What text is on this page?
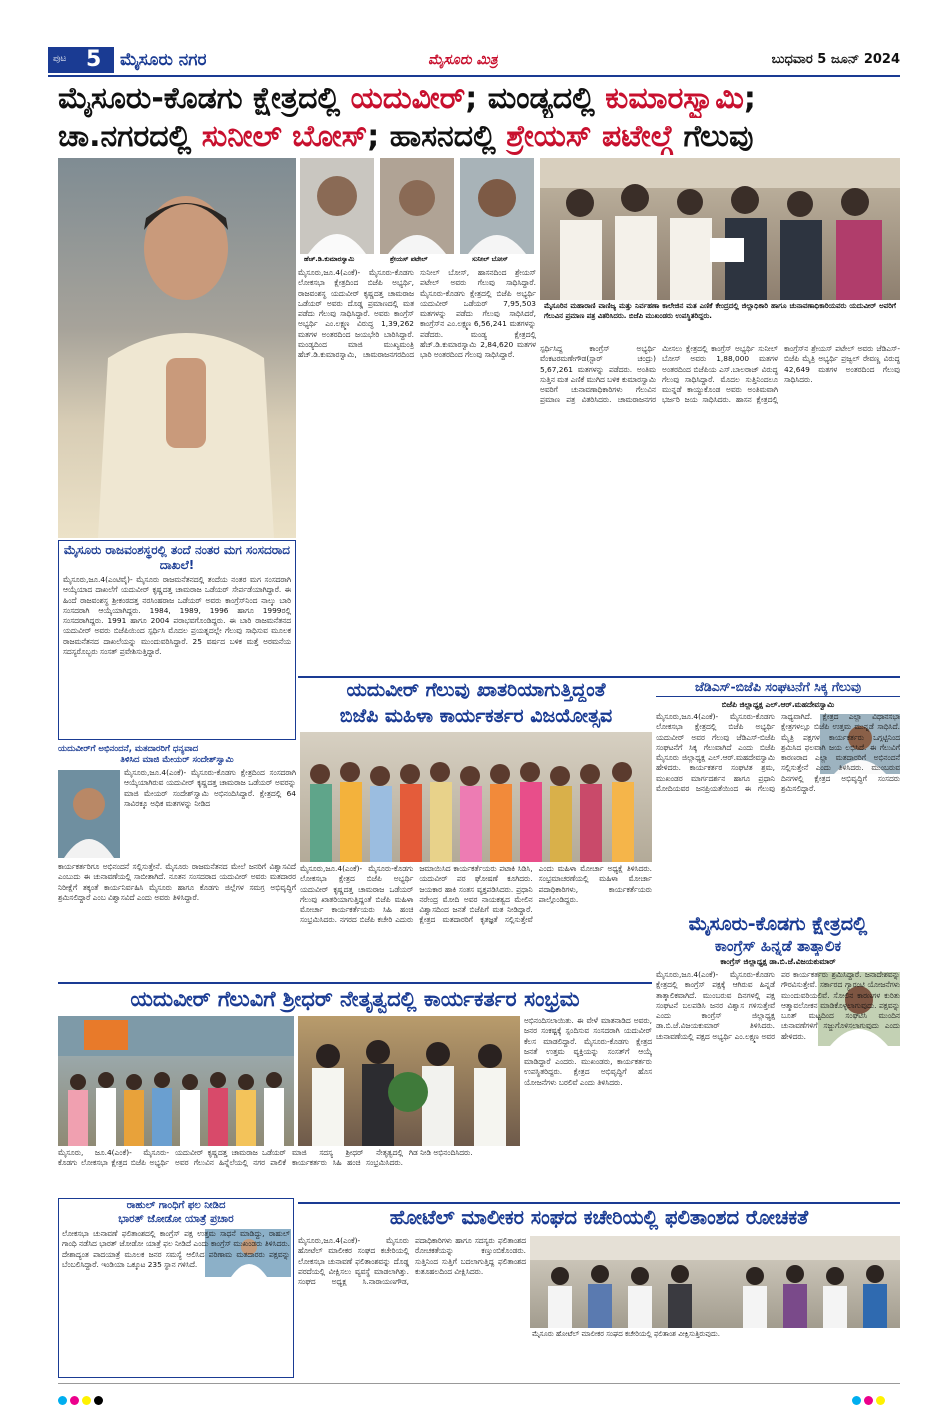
ಪುಟ 5 ಮೈಸೂರು ನಗರ	ಮೈಸೂರು ಮಿತ್ರ	ಬುಧವಾರ 5 ಜೂನ್ 2024
ಮೈಸೂರು-ಕೊಡಗು ಕ್ಷೇತ್ರದಲ್ಲಿ ಯದುವೀರ್; ಮಂಡ್ಯದಲ್ಲಿ ಕುಮಾರಸ್ವಾಮಿ;
ಚಾ.ನಗರದಲ್ಲಿ ಸುನೀಲ್ ಬೋಸ್; ಹಾಸನದಲ್ಲಿ ಶ್ರೇಯಸ್ ಪಟೇಲ್ಗೆ ಗೆಲುವು
ಮೈಸೂರು ರಾಜವಂಶಸ್ಥರಲ್ಲಿ ತಂದೆ ನಂತರ ಮಗ ಸಂಸದರಾದ ದಾಖಲೆ!
ಮೈಸೂರು,ಜೂ.4(ಎಂಟಿವೈ)- ಮೈಸೂರು ರಾಜಮನೆತನದಲ್ಲಿ ತಂದೆಯ ನಂತರ ಮಗ ಸಂಸದರಾಗಿ ಆಯ್ಕೆಯಾದ ದಾಖಲೆಗೆ ಯದುವೀರ್ ಕೃಷ್ಣದತ್ತ ಚಾಮರಾಜ ಒಡೆಯರ್ ಸೇರ್ಪಡೆಯಾಗಿದ್ದಾರೆ. ಈ ಹಿಂದೆ ರಾಜವಂಶಸ್ಥ ಶ್ರೀಕಂಠದತ್ತ ನರಸಿಂಹರಾಜ ಒಡೆಯರ್ ಅವರು ಕಾಂಗ್ರೆಸ್‌ನಿಂದ ನಾಲ್ಕು ಬಾರಿ ಸಂಸದರಾಗಿ ಆಯ್ಕೆಯಾಗಿದ್ದರು. 1984, 1989, 1996 ಹಾಗೂ 1999ರಲ್ಲಿ ಸಂಸದರಾಗಿದ್ದರು. 1991 ಹಾಗೂ 2004 ಪರಾಭವಗೊಂಡಿದ್ದರು. ಈ ಬಾರಿ ರಾಜಮನೆತನದ ಯದುವೀರ್ ಅವರು ಬಿಜೆಪಿಯಿಂದ ಸ್ಪರ್ಧಿಸಿ ಮೊದಲ ಪ್ರಯತ್ನದಲ್ಲೇ ಗೆಲುವು ಸಾಧಿಸುವ ಮೂಲಕ ರಾಜಮನೆತನದ ದಾಖಲೆಯನ್ನು ಮುಂದುವರಿಸಿದ್ದಾರೆ. 25 ವರ್ಷದ ಬಳಿಕ ಮತ್ತೆ ಅರಮನೆಯ ಸದಸ್ಯರೊಬ್ಬರು ಸಂಸತ್ ಪ್ರವೇಶಿಸುತ್ತಿದ್ದಾರೆ.
ಯದುವೀರ್‌ಗೆ ಅಭಿನಂದನೆ, ಮತದಾರರಿಗೆ ಧನ್ಯವಾದ
ತಿಳಿಸಿದ ಮಾಜಿ ಮೇಯರ್ ಸಂದೇಶ್‌ಸ್ವಾಮಿ
ಮೈಸೂರು,ಜೂ.4(ಎಂಕೆ)- ಮೈಸೂರು-ಕೊಡಗು ಕ್ಷೇತ್ರದಿಂದ ಸಂಸದರಾಗಿ ಆಯ್ಕೆಯಾಗಿರುವ ಯದುವೀರ್ ಕೃಷ್ಣದತ್ತ ಚಾಮರಾಜ ಒಡೆಯರ್ ಅವರನ್ನು ಮಾಜಿ ಮೇಯರ್ ಸಂದೇಶ್‌ಸ್ವಾಮಿ ಅಭಿನಂದಿಸಿದ್ದಾರೆ. ಕ್ಷೇತ್ರದಲ್ಲಿ 64 ಸಾವಿರಕ್ಕೂ ಅಧಿಕ ಮತಗಳನ್ನು ನೀಡಿದ
ಕಾರ್ಯಕರ್ತರಿಗೂ ಅಭಿನಂದನೆ ಸಲ್ಲಿಸುತ್ತೇನೆ. ಮೈಸೂರು ರಾಜಮನೆತನದ ಮೇಲೆ ಜನರಿಗೆ ವಿಶ್ವಾಸವಿದೆ ಎಂಬುದು ಈ ಚುನಾವಣೆಯಲ್ಲಿ ಸಾಬೀತಾಗಿದೆ. ನೂತನ ಸಂಸದರಾದ ಯದುವೀರ್ ಅವರು ಮತದಾರರ ನಿರೀಕ್ಷೆಗೆ ತಕ್ಕಂತೆ ಕಾರ್ಯನಿರ್ವಹಿಸಿ ಮೈಸೂರು ಹಾಗೂ ಕೊಡಗು ಜಿಲ್ಲೆಗಳ ಸಮಗ್ರ ಅಭಿವೃದ್ಧಿಗೆ ಶ್ರಮಿಸಲಿದ್ದಾರೆ ಎಂಬ ವಿಶ್ವಾಸವಿದೆ ಎಂದು ಅವರು ತಿಳಿಸಿದ್ದಾರೆ.
ಹೆಚ್.ಡಿ.ಕುಮಾರಸ್ವಾಮಿ	ಶ್ರೇಯಸ್ ಪಟೇಲ್	ಸುನೀಲ್ ಬೋಸ್
ಮೈಸೂರು,ಜೂ.4(ಎಂಕೆ)- ಮೈಸೂರು-ಕೊಡಗು ಲೋಕಸಭಾ ಕ್ಷೇತ್ರದಿಂದ ಬಿಜೆಪಿ ಅಭ್ಯರ್ಥಿ, ರಾಜವಂಶಸ್ಥ ಯದುವೀರ್ ಕೃಷ್ಣದತ್ತ ಚಾಮರಾಜ ಒಡೆಯರ್ ಅವರು ದೊಡ್ಡ ಪ್ರಮಾಣದಲ್ಲಿ ಮತ ಪಡೆದು ಗೆಲುವು ಸಾಧಿಸಿದ್ದಾರೆ. ಅವರು ಕಾಂಗ್ರೆಸ್ ಅಭ್ಯರ್ಥಿ ಎಂ.ಲಕ್ಷ್ಮಣ ವಿರುದ್ಧ 1,39,262 ಮತಗಳ ಅಂತರದಿಂದ ಜಯಭೇರಿ ಬಾರಿಸಿದ್ದಾರೆ. ಮಂಡ್ಯದಿಂದ ಮಾಜಿ ಮುಖ್ಯಮಂತ್ರಿ ಹೆಚ್.ಡಿ.ಕುಮಾರಸ್ವಾಮಿ, ಚಾಮರಾಜನಗರದಿಂದ ಸುನೀಲ್ ಬೋಸ್, ಹಾಸನದಿಂದ ಶ್ರೇಯಸ್ ಪಟೇಲ್ ಅವರು ಗೆಲುವು ಸಾಧಿಸಿದ್ದಾರೆ. ಮೈಸೂರು-ಕೊಡಗು ಕ್ಷೇತ್ರದಲ್ಲಿ ಬಿಜೆಪಿ ಅಭ್ಯರ್ಥಿ ಯದುವೀರ್ ಒಡೆಯರ್ 7,95,503 ಮತಗಳನ್ನು ಪಡೆದು ಗೆಲುವು ಸಾಧಿಸಿದರೆ, ಕಾಂಗ್ರೆಸ್‌ನ ಎಂ.ಲಕ್ಷ್ಮಣ 6,56,241 ಮತಗಳನ್ನು ಪಡೆದರು. ಮಂಡ್ಯ ಕ್ಷೇತ್ರದಲ್ಲಿ ಹೆಚ್.ಡಿ.ಕುಮಾರಸ್ವಾಮಿ 2,84,620 ಮತಗಳ ಭಾರಿ ಅಂತರದಿಂದ ಗೆಲುವು ಸಾಧಿಸಿದ್ದಾರೆ.
ಮೈಸೂರಿನ ಮಹಾರಾಣಿ ವಾಣಿಜ್ಯ ಮತ್ತು ನಿರ್ವಹಣಾ ಕಾಲೇಜಿನ ಮತ ಎಣಿಕೆ ಕೇಂದ್ರದಲ್ಲಿ ಜಿಲ್ಲಾಧಿಕಾರಿ ಹಾಗೂ ಚುನಾವಣಾಧಿಕಾರಿಯವರು ಯದುವೀರ್ ಅವರಿಗೆ ಗೆಲುವಿನ ಪ್ರಮಾಣ ಪತ್ರ ವಿತರಿಸಿದರು. ಬಿಜೆಪಿ ಮುಖಂಡರು ಉಪಸ್ಥಿತರಿದ್ದರು.
ಸ್ಪರ್ಧಿಸಿದ್ದ ಕಾಂಗ್ರೆಸ್ ಅಭ್ಯರ್ಥಿ ವೆಂಕಟರಮಣೇಗೌಡ(ಸ್ಟಾರ್ ಚಂದ್ರು) 5,67,261 ಮತಗಳನ್ನು ಪಡೆದರು. ಅಂತಿಮ ಸುತ್ತಿನ ಮತ ಎಣಿಕೆ ಮುಗಿದ ಬಳಿಕ ಕುಮಾರಸ್ವಾಮಿ ಅವರಿಗೆ ಚುನಾವಣಾಧಿಕಾರಿಗಳು ಗೆಲುವಿನ ಪ್ರಮಾಣ ಪತ್ರ ವಿತರಿಸಿದರು. ಚಾಮರಾಜನಗರ ಮೀಸಲು ಕ್ಷೇತ್ರದಲ್ಲಿ ಕಾಂಗ್ರೆಸ್ ಅಭ್ಯರ್ಥಿ ಸುನೀಲ್ ಬೋಸ್ ಅವರು 1,88,000 ಮತಗಳ ಅಂತರದಿಂದ ಬಿಜೆಪಿಯ ಎಸ್.ಬಾಲರಾಜ್ ವಿರುದ್ಧ ಗೆಲುವು ಸಾಧಿಸಿದ್ದಾರೆ. ಮೊದಲ ಸುತ್ತಿನಿಂದಲೂ ಮುನ್ನಡೆ ಕಾಯ್ದುಕೊಂಡ ಅವರು ಅಂತಿಮವಾಗಿ ಭರ್ಜರಿ ಜಯ ಸಾಧಿಸಿದರು. ಹಾಸನ ಕ್ಷೇತ್ರದಲ್ಲಿ ಕಾಂಗ್ರೆಸ್‌ನ ಶ್ರೇಯಸ್ ಪಟೇಲ್ ಅವರು ಜೆಡಿಎಸ್-ಬಿಜೆಪಿ ಮೈತ್ರಿ ಅಭ್ಯರ್ಥಿ ಪ್ರಜ್ವಲ್ ರೇವಣ್ಣ ವಿರುದ್ಧ 42,649 ಮತಗಳ ಅಂತರದಿಂದ ಗೆಲುವು ಸಾಧಿಸಿದರು.
ಯದುವೀರ್ ಗೆಲುವು ಖಾತರಿಯಾಗುತ್ತಿದ್ದಂತೆ
ಬಿಜೆಪಿ ಮಹಿಳಾ ಕಾರ್ಯಕರ್ತರ ವಿಜಯೋತ್ಸವ
ಮೈಸೂರು,ಜೂ.4(ಎಂಕೆ)- ಮೈಸೂರು-ಕೊಡಗು ಲೋಕಸಭಾ ಕ್ಷೇತ್ರದ ಬಿಜೆಪಿ ಅಭ್ಯರ್ಥಿ ಯದುವೀರ್ ಕೃಷ್ಣದತ್ತ ಚಾಮರಾಜ ಒಡೆಯರ್ ಗೆಲುವು ಖಾತರಿಯಾಗುತ್ತಿದ್ದಂತೆ ಬಿಜೆಪಿ ಮಹಿಳಾ ಮೋರ್ಚಾ ಕಾರ್ಯಕರ್ತೆಯರು ಸಿಹಿ ಹಂಚಿ ಸಂಭ್ರಮಿಸಿದರು. ನಗರದ ಬಿಜೆಪಿ ಕಚೇರಿ ಎದುರು ಜಮಾಯಿಸಿದ ಕಾರ್ಯಕರ್ತೆಯರು ಪಟಾಕಿ ಸಿಡಿಸಿ, ಯದುವೀರ್ ಪರ ಘೋಷಣೆ ಕೂಗಿದರು. ಜಯಕಾರ ಹಾಕಿ ಸಂತಸ ವ್ಯಕ್ತಪಡಿಸಿದರು. ಪ್ರಧಾನಿ ನರೇಂದ್ರ ಮೋದಿ ಅವರ ನಾಯಕತ್ವದ ಮೇಲಿನ ವಿಶ್ವಾಸದಿಂದ ಜನತೆ ಬಿಜೆಪಿಗೆ ಮತ ನೀಡಿದ್ದಾರೆ. ಕ್ಷೇತ್ರದ ಮತದಾರರಿಗೆ ಕೃತಜ್ಞತೆ ಸಲ್ಲಿಸುತ್ತೇವೆ ಎಂದು ಮಹಿಳಾ ಮೋರ್ಚಾ ಅಧ್ಯಕ್ಷೆ ತಿಳಿಸಿದರು. ಸಂಭ್ರಮಾಚರಣೆಯಲ್ಲಿ ಮಹಿಳಾ ಮೋರ್ಚಾ ಪದಾಧಿಕಾರಿಗಳು, ಕಾರ್ಯಕರ್ತೆಯರು ಪಾಲ್ಗೊಂಡಿದ್ದರು.
ಜೆಡಿಎಸ್-ಬಿಜೆಪಿ ಸಂಘಟನೆಗೆ ಸಿಕ್ಕ ಗೆಲುವು
ಬಿಜೆಪಿ ಜಿಲ್ಲಾಧ್ಯಕ್ಷ ಎಲ್.ಆರ್.ಮಹದೇವಸ್ವಾಮಿ
ಮೈಸೂರು,ಜೂ.4(ಎಂಕೆ)- ಮೈಸೂರು-ಕೊಡಗು ಲೋಕಸಭಾ ಕ್ಷೇತ್ರದಲ್ಲಿ ಬಿಜೆಪಿ ಅಭ್ಯರ್ಥಿ ಯದುವೀರ್ ಅವರ ಗೆಲುವು ಜೆಡಿಎಸ್-ಬಿಜೆಪಿ ಸಂಘಟನೆಗೆ ಸಿಕ್ಕ ಗೆಲುವಾಗಿದೆ ಎಂದು ಬಿಜೆಪಿ ಮೈಸೂರು ಜಿಲ್ಲಾಧ್ಯಕ್ಷ ಎಲ್.ಆರ್.ಮಹದೇವಸ್ವಾಮಿ ಹೇಳಿದರು. ಕಾರ್ಯಕರ್ತರ ಸಂಘಟಿತ ಶ್ರಮ, ಮುಖಂಡರ ಮಾರ್ಗದರ್ಶನ ಹಾಗೂ ಪ್ರಧಾನಿ ಮೋದಿಯವರ ಜನಪ್ರಿಯತೆಯಿಂದ ಈ ಗೆಲುವು ಸಾಧ್ಯವಾಗಿದೆ. ಕ್ಷೇತ್ರದ ಎಲ್ಲಾ ವಿಧಾನಸಭಾ ಕ್ಷೇತ್ರಗಳಲ್ಲೂ ಬಿಜೆಪಿ ಉತ್ತಮ ಮುನ್ನಡೆ ಸಾಧಿಸಿದೆ. ಮೈತ್ರಿ ಪಕ್ಷಗಳ ಕಾರ್ಯಕರ್ತರು ಒಗ್ಗಟ್ಟಿನಿಂದ ಶ್ರಮಿಸಿದ ಫಲವಾಗಿ ಜಯ ಲಭಿಸಿದೆ. ಈ ಗೆಲುವಿಗೆ ಕಾರಣರಾದ ಎಲ್ಲಾ ಮತದಾರರಿಗೆ ಅಭಿನಂದನೆ ಸಲ್ಲಿಸುತ್ತೇನೆ ಎಂದು ತಿಳಿಸಿದರು. ಮುಂಬರುವ ದಿನಗಳಲ್ಲಿ ಕ್ಷೇತ್ರದ ಅಭಿವೃದ್ಧಿಗೆ ಸಂಸದರು ಶ್ರಮಿಸಲಿದ್ದಾರೆ.
ಮೈಸೂರು-ಕೊಡಗು ಕ್ಷೇತ್ರದಲ್ಲಿ
ಕಾಂಗ್ರೆಸ್ ಹಿನ್ನಡೆ ತಾತ್ಕಾಲಿಕ
ಕಾಂಗ್ರೆಸ್ ಜಿಲ್ಲಾಧ್ಯಕ್ಷ ಡಾ.ಬಿ.ಜೆ.ವಿಜಯಕುಮಾರ್
ಮೈಸೂರು,ಜೂ.4(ಎಂಕೆ)- ಮೈಸೂರು-ಕೊಡಗು ಕ್ಷೇತ್ರದಲ್ಲಿ ಕಾಂಗ್ರೆಸ್ ಪಕ್ಷಕ್ಕೆ ಆಗಿರುವ ಹಿನ್ನಡೆ ತಾತ್ಕಾಲಿಕವಾಗಿದೆ. ಮುಂಬರುವ ದಿನಗಳಲ್ಲಿ ಪಕ್ಷ ಸಂಘಟನೆ ಬಲಪಡಿಸಿ ಜನರ ವಿಶ್ವಾಸ ಗಳಿಸುತ್ತೇವೆ ಎಂದು ಕಾಂಗ್ರೆಸ್ ಜಿಲ್ಲಾಧ್ಯಕ್ಷ ಡಾ.ಬಿ.ಜೆ.ವಿಜಯಕುಮಾರ್ ತಿಳಿಸಿದರು. ಚುನಾವಣೆಯಲ್ಲಿ ಪಕ್ಷದ ಅಭ್ಯರ್ಥಿ ಎಂ.ಲಕ್ಷ್ಮಣ ಅವರ ಪರ ಕಾರ್ಯಕರ್ತರು ಶ್ರಮಿಸಿದ್ದಾರೆ. ಜನಾದೇಶವನ್ನು ಗೌರವಿಸುತ್ತೇವೆ. ಸರ್ಕಾರದ ಗ್ಯಾರಂಟಿ ಯೋಜನೆಗಳು ಮುಂದುವರಿಯಲಿವೆ. ಸೋಲಿನ ಕಾರಣಗಳ ಕುರಿತು ಆತ್ಮಾವಲೋಕನ ಮಾಡಿಕೊಳ್ಳಲಾಗುವುದು. ಪಕ್ಷವನ್ನು ಬೂತ್ ಮಟ್ಟದಿಂದ ಸಂಘಟಿಸಿ ಮುಂದಿನ ಚುನಾವಣೆಗಳಿಗೆ ಸಜ್ಜುಗೊಳಿಸಲಾಗುವುದು ಎಂದು ಹೇಳಿದರು.
ಯದುವೀರ್ ಗೆಲುವಿಗೆ ಶ್ರೀಧರ್ ನೇತೃತ್ವದಲ್ಲಿ ಕಾರ್ಯಕರ್ತರ ಸಂಭ್ರಮ
ಮೈಸೂರು, ಜೂ.4(ಎಂಕೆ)- ಮೈಸೂರು-ಕೊಡಗು ಲೋಕಸಭಾ ಕ್ಷೇತ್ರದ ಬಿಜೆಪಿ ಅಭ್ಯರ್ಥಿ ಯದುವೀರ್ ಕೃಷ್ಣದತ್ತ ಚಾಮರಾಜ ಒಡೆಯರ್ ಅವರ ಗೆಲುವಿನ ಹಿನ್ನೆಲೆಯಲ್ಲಿ ನಗರ ಪಾಲಿಕೆ ಮಾಜಿ ಸದಸ್ಯ ಶ್ರೀಧರ್ ನೇತೃತ್ವದಲ್ಲಿ ಕಾರ್ಯಕರ್ತರು ಸಿಹಿ ಹಂಚಿ ಸಂಭ್ರಮಿಸಿದರು. ಗಿಡ ನೀಡಿ ಅಭಿನಂದಿಸಿದರು.
ಅಭಿನಂದಿಸಲಾಯಿತು. ಈ ವೇಳೆ ಮಾತನಾಡಿದ ಅವರು, ಜನರ ಸಂಕಷ್ಟಕ್ಕೆ ಸ್ಪಂದಿಸುವ ಸಂಸದರಾಗಿ ಯದುವೀರ್ ಕೆಲಸ ಮಾಡಲಿದ್ದಾರೆ. ಮೈಸೂರು-ಕೊಡಗು ಕ್ಷೇತ್ರದ ಜನತೆ ಉತ್ತಮ ವ್ಯಕ್ತಿಯನ್ನು ಸಂಸತ್‌ಗೆ ಆಯ್ಕೆ ಮಾಡಿದ್ದಾರೆ ಎಂದರು. ಮುಖಂಡರು, ಕಾರ್ಯಕರ್ತರು ಉಪಸ್ಥಿತರಿದ್ದರು. ಕ್ಷೇತ್ರದ ಅಭಿವೃದ್ಧಿಗೆ ಹೊಸ ಯೋಜನೆಗಳು ಬರಲಿವೆ ಎಂದು ತಿಳಿಸಿದರು.
ರಾಹುಲ್ ಗಾಂಧಿಗೆ ಫಲ ನೀಡಿದ
ಭಾರತ್ ಜೋಡೋ ಯಾತ್ರೆ ಪ್ರಚಾರ
ಲೋಕಸಭಾ ಚುನಾವಣೆ ಫಲಿತಾಂಶದಲ್ಲಿ ಕಾಂಗ್ರೆಸ್ ಪಕ್ಷ ಉತ್ತಮ ಸಾಧನೆ ಮಾಡಿದ್ದು, ರಾಹುಲ್ ಗಾಂಧಿ ನಡೆಸಿದ ಭಾರತ್ ಜೋಡೋ ಯಾತ್ರೆ ಫಲ ನೀಡಿದೆ ಎಂದು ಕಾಂಗ್ರೆಸ್ ಮುಖಂಡರು ತಿಳಿಸಿದರು. ದೇಶಾದ್ಯಂತ ಪಾದಯಾತ್ರೆ ಮೂಲಕ ಜನರ ಸಮಸ್ಯೆ ಆಲಿಸಿದ ಪರಿಣಾಮ ಮತದಾರರು ಪಕ್ಷವನ್ನು ಬೆಂಬಲಿಸಿದ್ದಾರೆ. ಇಂಡಿಯಾ ಒಕ್ಕೂಟ 235 ಸ್ಥಾನ ಗಳಿಸಿದೆ.
ಹೋಟೆಲ್ ಮಾಲೀಕರ ಸಂಘದ ಕಚೇರಿಯಲ್ಲಿ ಫಲಿತಾಂಶದ ರೋಚಕತೆ
ಮೈಸೂರು,ಜೂ.4(ಎಂಕೆ)- ಮೈಸೂರು ಹೋಟೆಲ್ ಮಾಲೀಕರ ಸಂಘದ ಕಚೇರಿಯಲ್ಲಿ ಲೋಕಸಭಾ ಚುನಾವಣೆ ಫಲಿತಾಂಶವನ್ನು ದೊಡ್ಡ ಪರದೆಯಲ್ಲಿ ವೀಕ್ಷಿಸಲು ವ್ಯವಸ್ಥೆ ಮಾಡಲಾಗಿತ್ತು. ಸಂಘದ ಅಧ್ಯಕ್ಷ ಸಿ.ನಾರಾಯಣಗೌಡ, ಪದಾಧಿಕಾರಿಗಳು ಹಾಗೂ ಸದಸ್ಯರು ಫಲಿತಾಂಶದ ರೋಚಕತೆಯನ್ನು ಕಣ್ತುಂಬಿಕೊಂಡರು. ಸುತ್ತಿನಿಂದ ಸುತ್ತಿಗೆ ಬದಲಾಗುತ್ತಿದ್ದ ಫಲಿತಾಂಶದ ಕುತೂಹಲದಿಂದ ವೀಕ್ಷಿಸಿದರು.
ಮೈಸೂರು ಹೋಟೆಲ್ ಮಾಲೀಕರ ಸಂಘದ ಕಚೇರಿಯಲ್ಲಿ ಫಲಿತಾಂಶ ವೀಕ್ಷಿಸುತ್ತಿರುವುದು.
